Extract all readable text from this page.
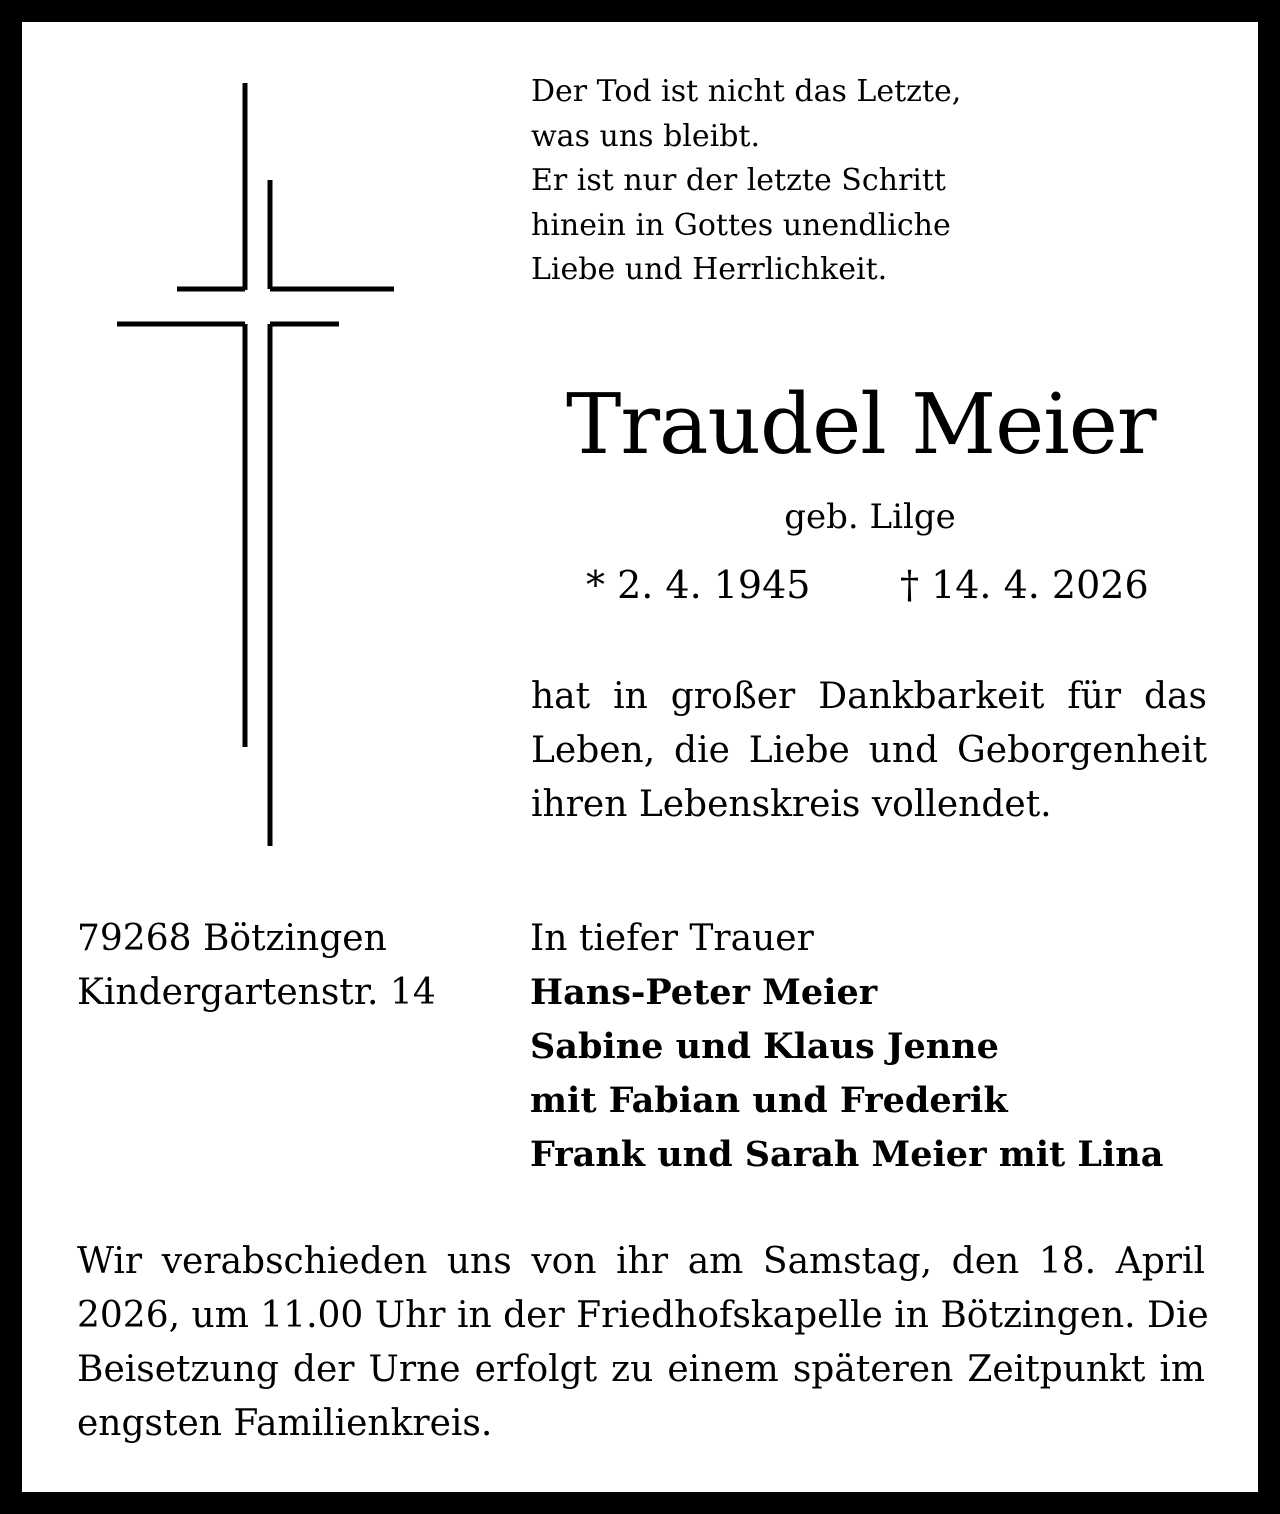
Der Tod ist nicht das Letzte,
was uns bleibt.
Er ist nur der letzte Schritt
hinein in Gottes unendliche
Liebe und Herrlichkeit.
Traudel Meier
geb. Lilge
* 2. 4. 1945 † 14. 4. 2026
hat in großer Dankbarkeit für das
Leben, die Liebe und Geborgenheit
ihren Lebenskreis vollendet.
79268 Bötzingen
Kindergartenstr. 14
In tiefer Trauer
Hans-Peter Meier
Sabine und Klaus Jenne
mit Fabian und Frederik
Frank und Sarah Meier mit Lina
Wir verabschieden uns von ihr am Samstag, den 18. April
2026, um 11.00 Uhr in der Friedhofskapelle in Bötzingen. Die
Beisetzung der Urne erfolgt zu einem späteren Zeitpunkt im
engsten Familienkreis.
